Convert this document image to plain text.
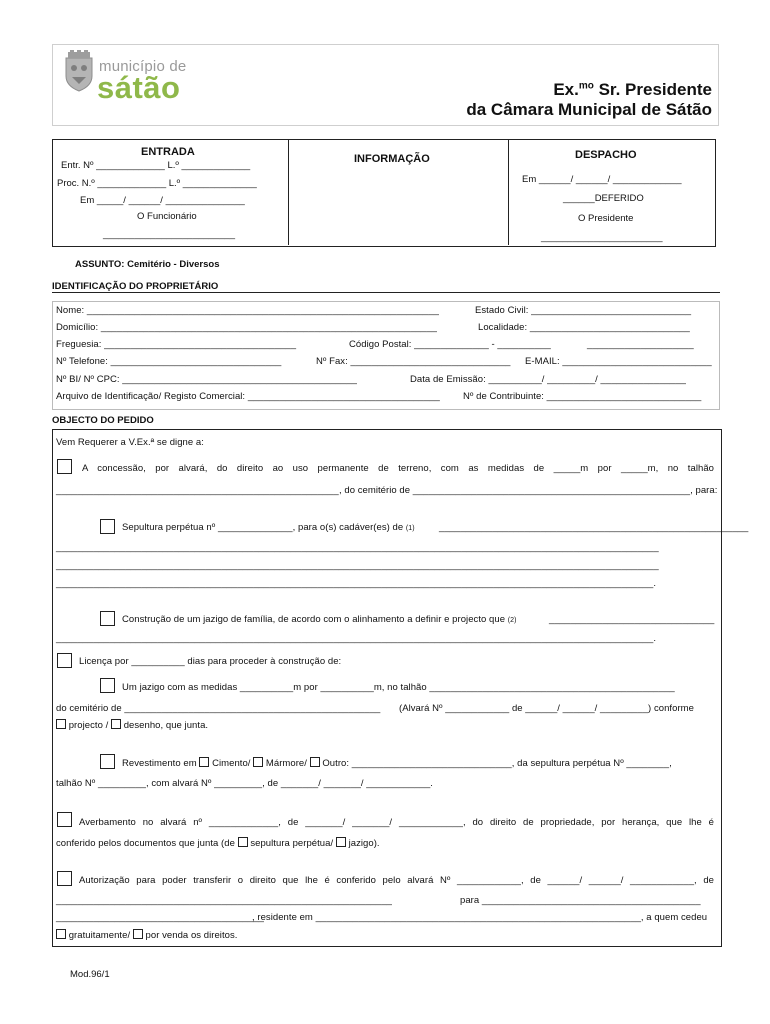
município de
sátão	Ex.$^{mo}$ Sr. Presidente
da Câmara Municipal de Sátão
ENTRADA
Entr. Nº _____________ L.º _____________
Proc. N.º _____________ L.º ______________
Em _____/ ______/ _______________
O Funcionário
_________________________
INFORMAÇÃO	DESPACHO
Em ______/ ______/ _____________
______DEFERIDO
O Presidente
_______________________
ASSUNTO: Cemitério - Diversos
IDENTIFICAÇÃO DO PROPRIETÁRIO
Nome: __________________________________________________________________	Estado Civil: ______________________________
Domicílio: _______________________________________________________________	Localidade: ______________________________
Freguesia: ____________________________________	Código Postal: ______________ - __________	____________________
Nº Telefone: ________________________________	Nº Fax: ______________________________ E-MAIL: ____________________________
Nº BI/ Nº CPC: ____________________________________________	Data de Emissão: __________/ _________/ ________________
Arquivo de Identificação/ Registo Comercial: ____________________________________ Nº de Contribuinte: _____________________________
OBJECTO DO PEDIDO
Vem Requerer a V.Ex.ª se digne a:
A concessão, por alvará, do direito ao uso permanente de terreno, com as medidas de _____m por _____m, no talhão
_____________________________________________________ , do cemitério de ____________________________________________________, para:
Sepultura perpétua nº ______________, para o(s) cadáver(es) de (1)	__________________________________________________________
_________________________________________________________________________________________________________________
_________________________________________________________________________________________________________________
________________________________________________________________________________________________________________.
Construção de um jazigo de família, de acordo com o alinhamento a definir e projecto que (2)	_______________________________
________________________________________________________________________________________________________________.
Licença por __________ dias para proceder à construção de:
Um jazigo com as medidas __________m por __________m, no talhão ______________________________________________
do cemitério de ________________________________________________ (Alvará Nº ____________ de ______/ ______/ _________) conforme
projecto / desenho, que junta.
Revestimento em Cimento/ Mármore/ Outro: ______________________________, da sepultura perpétua Nº ________,
talhão Nº _________, com alvará Nº _________, de _______/ _______/ ____________.
Averbamento no alvará nº _____________, de _______/ _______/ ____________, do direito de propriedade, por herança, que lhe é
conferido pelos documentos que junta (de sepultura perpétua/ jazigo).
Autorização para poder transferir o direito que lhe é conferido pelo alvará Nº ____________, de ______/ ______/ ____________, de
_______________________________________________________________	para _________________________________________
_______________________________________
, residente em _____________________________________________________________, a quem cedeu
gratuitamente/ por venda os direitos.
Mod.96/1
